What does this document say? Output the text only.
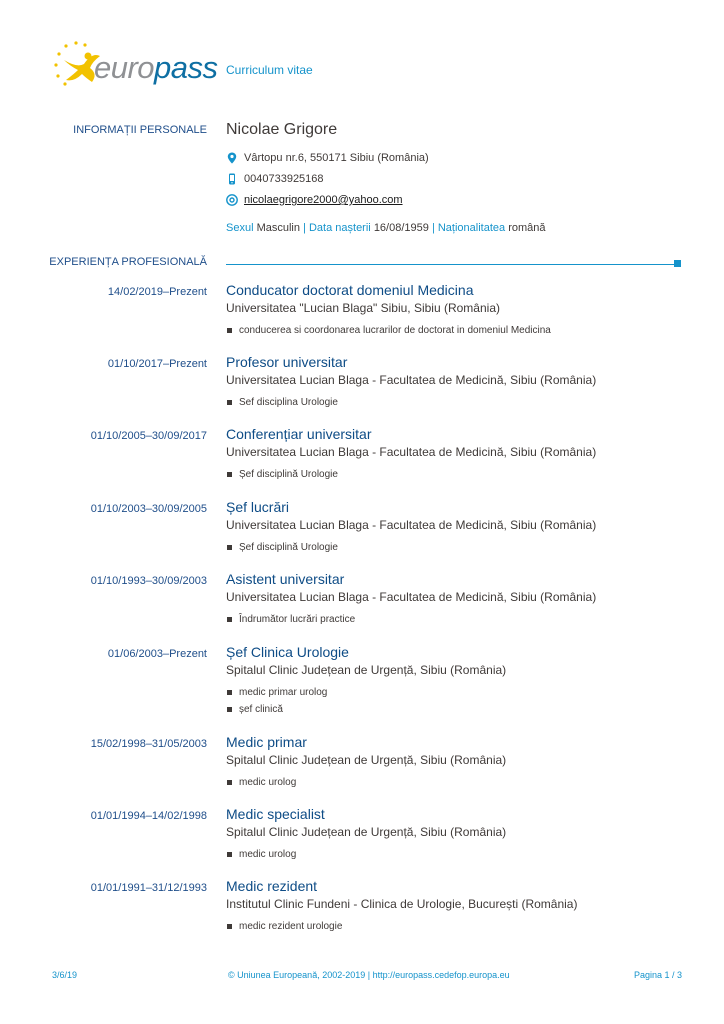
europass Curriculum vitae
INFORMAȚII PERSONALE Nicolae Grigore
Vârtopu nr.6, 550171 Sibiu (România)
0040733925168
nicolaegrigore2000@yahoo.com
Sexul Masculin | Data nașterii 16/08/1959 | Naționalitatea română
EXPERIENȚA PROFESIONALĂ
14/02/2019–Prezent Conducator doctorat domeniul Medicina
Universitatea "Lucian Blaga" Sibiu, Sibiu (România)
conducerea si coordonarea lucrarilor de doctorat in domeniul Medicina
01/10/2017–Prezent Profesor universitar
Universitatea Lucian Blaga - Facultatea de Medicină, Sibiu (România)
Sef disciplina Urologie
01/10/2005–30/09/2017 Conferențiar universitar
Universitatea Lucian Blaga - Facultatea de Medicină, Sibiu (România)
Șef disciplină Urologie
01/10/2003–30/09/2005 Șef lucrări
Universitatea Lucian Blaga - Facultatea de Medicină, Sibiu (România)
Șef disciplină Urologie
01/10/1993–30/09/2003 Asistent universitar
Universitatea Lucian Blaga - Facultatea de Medicină, Sibiu (România)
Îndrumător lucrări practice
01/06/2003–Prezent Șef Clinica Urologie
Spitalul Clinic Județean de Urgență, Sibiu (România)
medic primar urolog
șef clinică
15/02/1998–31/05/2003 Medic primar
Spitalul Clinic Județean de Urgență, Sibiu (România)
medic urolog
01/01/1994–14/02/1998 Medic specialist
Spitalul Clinic Județean de Urgență, Sibiu (România)
medic urolog
01/01/1991–31/12/1993 Medic rezident
Institutul Clinic Fundeni - Clinica de Urologie, București (România)
medic rezident urologie
3/6/19	© Uniunea Europeană, 2002-2019 | http://europass.cedefop.europa.eu	Pagina 1 / 3
